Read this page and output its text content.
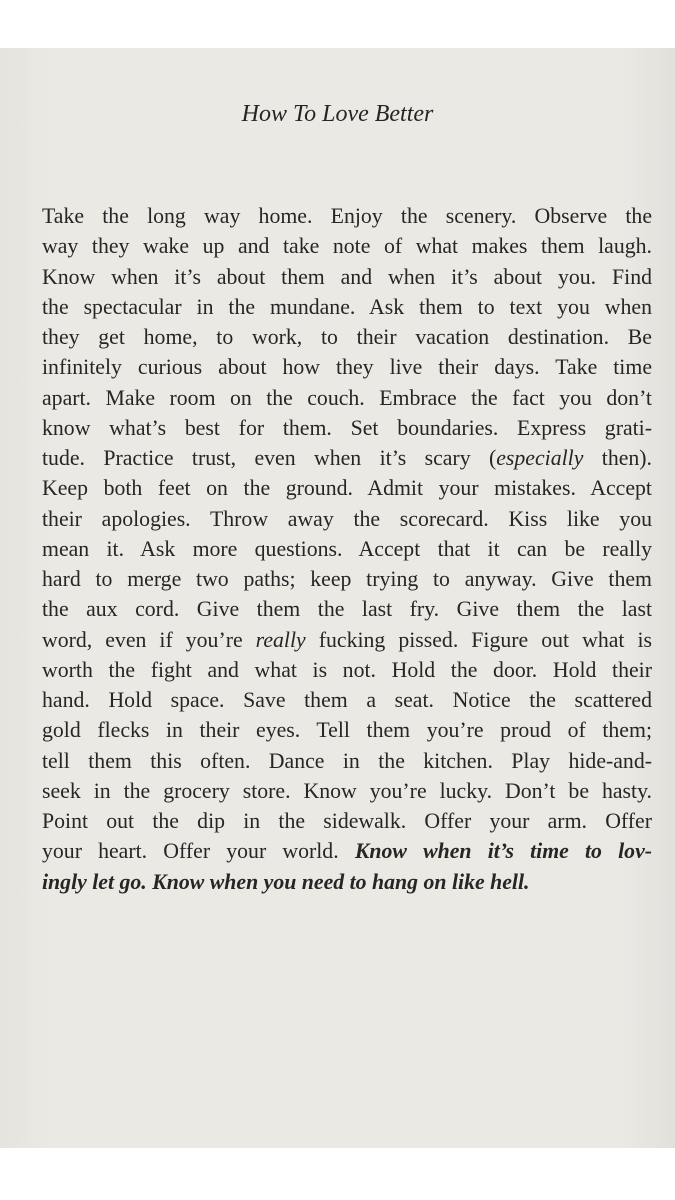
How To Love Better
Take the long way home. Enjoy the scenery. Observe the
way they wake up and take note of what makes them laugh.
Know when it’s about them and when it’s about you. Find
the spectacular in the mundane. Ask them to text you when
they get home, to work, to their vacation destination. Be
infinitely curious about how they live their days. Take time
apart. Make room on the couch. Embrace the fact you don’t
know what’s best for them. Set boundaries. Express grati-
tude. Practice trust, even when it’s scary (especially then).
Keep both feet on the ground. Admit your mistakes. Accept
their apologies. Throw away the scorecard. Kiss like you
mean it. Ask more questions. Accept that it can be really
hard to merge two paths; keep trying to anyway. Give them
the aux cord. Give them the last fry. Give them the last
word, even if you’re really fucking pissed. Figure out what is
worth the fight and what is not. Hold the door. Hold their
hand. Hold space. Save them a seat. Notice the scattered
gold flecks in their eyes. Tell them you’re proud of them;
tell them this often. Dance in the kitchen. Play hide-and-
seek in the grocery store. Know you’re lucky. Don’t be hasty.
Point out the dip in the sidewalk. Offer your arm. Offer
your heart. Offer your world. Know when it’s time to lov-
ingly let go. Know when you need to hang on like hell.
